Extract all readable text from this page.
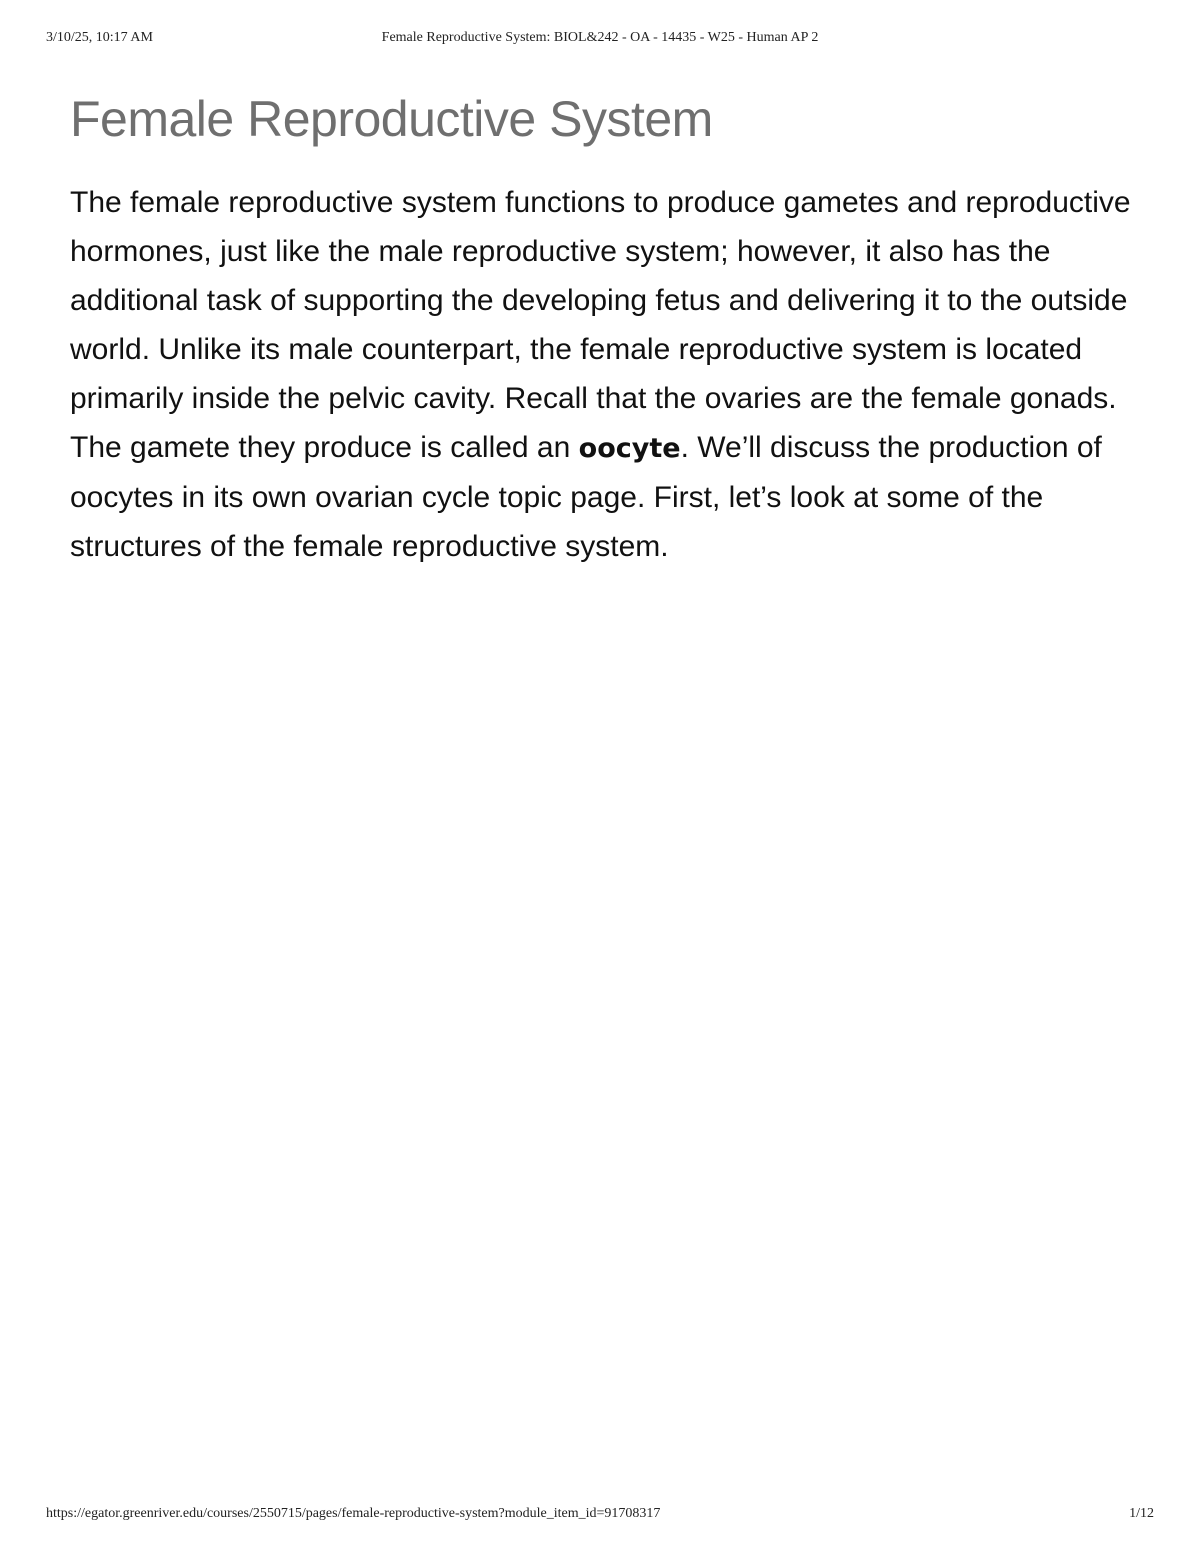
3/10/25, 10:17 AM	Female Reproductive System: BIOL&242 - OA - 14435 - W25 - Human AP 2
Female Reproductive System

The female reproductive system functions to produce gametes and reproductive hormones, just like the male reproductive system; however, it also has the additional task of supporting the developing fetus and delivering it to the outside world. Unlike its male counterpart, the female reproductive system is located primarily inside the pelvic cavity. Recall that the ovaries are the female gonads. The gamete they produce is called an oocyte. We’ll discuss the production of oocytes in its own ovarian cycle topic page. First, let’s look at some of the structures of the female reproductive system.

https://egator.greenriver.edu/courses/2550715/pages/female-reproductive-system?module_item_id=91708317	1/12
